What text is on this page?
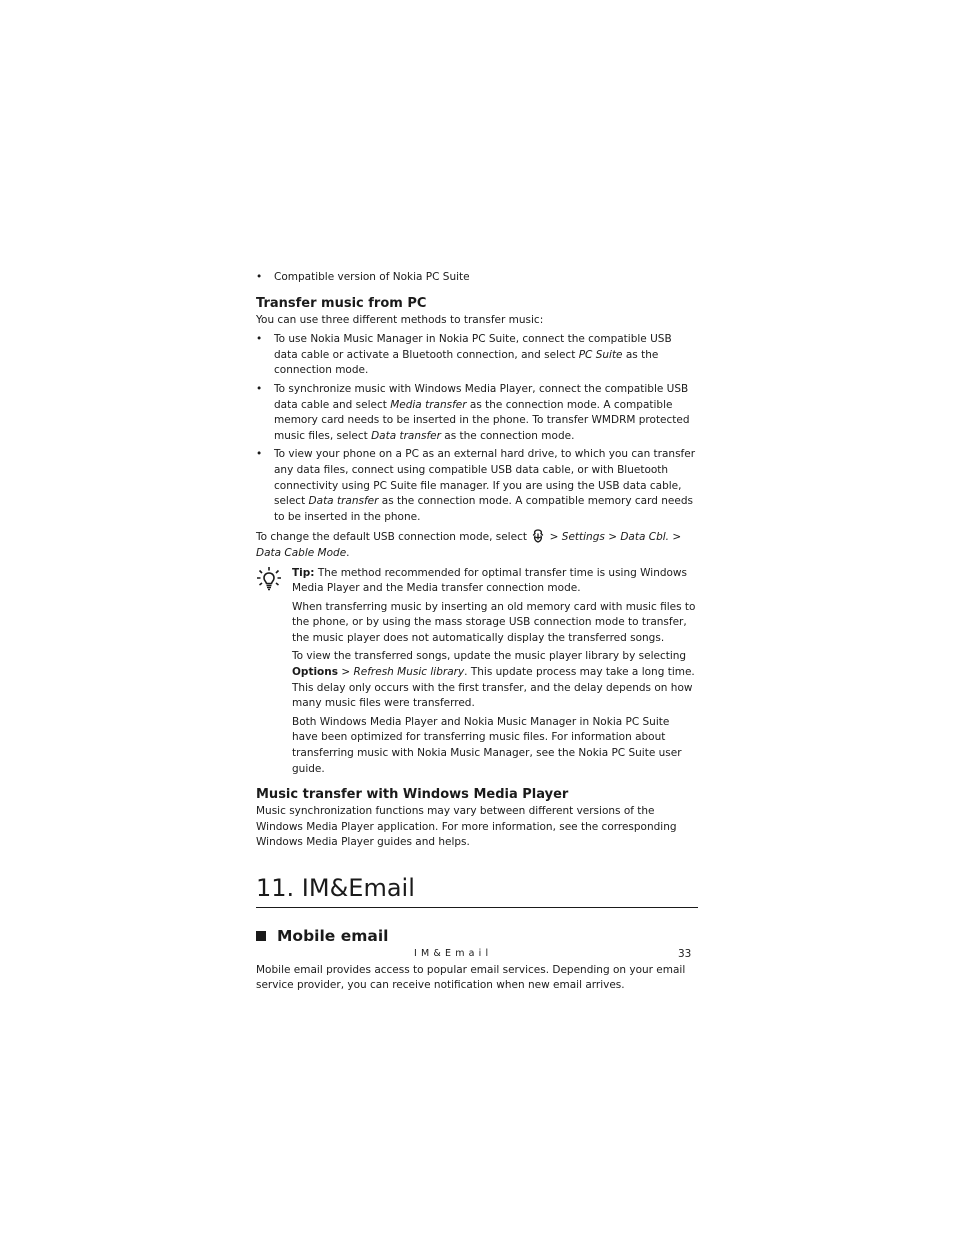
• Compatible version of Nokia PC Suite
Transfer music from PC

You can use three different methods to transfer music:

• To use Nokia Music Manager in Nokia PC Suite, connect the compatible USB data cable or activate a Bluetooth connection, and select PC Suite as the connection mode.
• To synchronize music with Windows Media Player, connect the compatible USB data cable and select Media transfer as the connection mode. A compatible memory card needs to be inserted in the phone. To transfer WMDRM protected music files, select Data transfer as the connection mode.
• To view your phone on a PC as an external hard drive, to which you can transfer any data files, connect using compatible USB data cable, or with Bluetooth connectivity using PC Suite file manager. If you are using the USB data cable, select Data transfer as the connection mode. A compatible memory card needs to be inserted in the phone.

To change the default USB connection mode, select  > Settings > Data Cbl. > Data Cable Mode.

Tip: The method recommended for optimal transfer time is using Windows Media Player and the Media transfer connection mode.

When transferring music by inserting an old memory card with music files to the phone, or by using the mass storage USB connection mode to transfer, the music player does not automatically display the transferred songs.

To view the transferred songs, update the music player library by selecting Options > Refresh Music library. This update process may take a long time. This delay only occurs with the first transfer, and the delay depends on how many music files were transferred.

Both Windows Media Player and Nokia Music Manager in Nokia PC Suite have been optimized for transferring music files. For information about transferring music with Nokia Music Manager, see the Nokia PC Suite user guide.

Music transfer with Windows Media Player

Music synchronization functions may vary between different versions of the Windows Media Player application. For more information, see the corresponding Windows Media Player guides and helps.

11. IM&Email
Mobile email

Mobile email provides access to popular email services. Depending on your email service provider, you can receive notification when new email arrives.

IM&Email	33
